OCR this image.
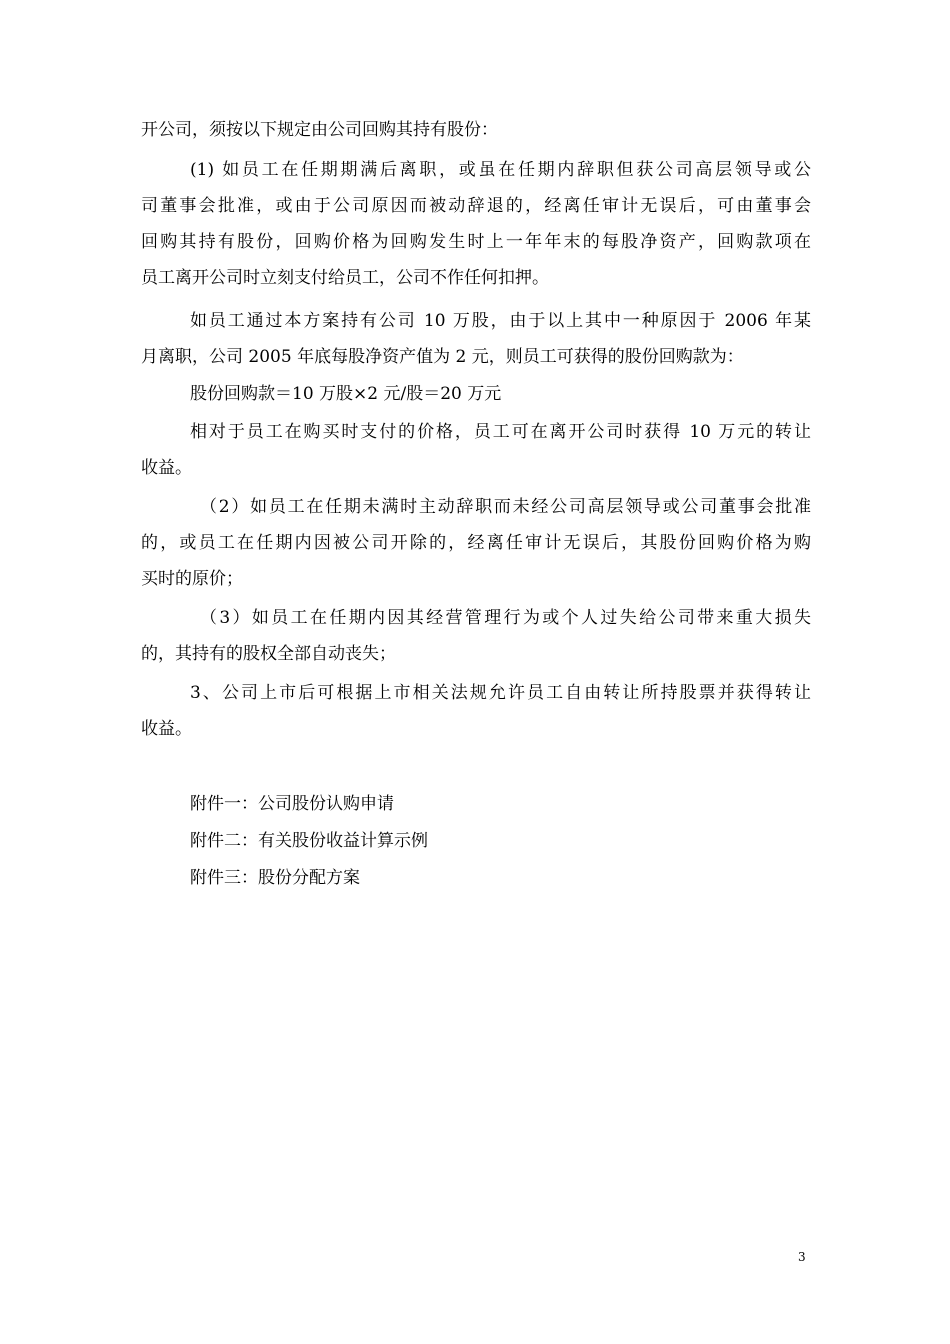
开公司，须按以下规定由公司回购其持有股份：
(1) 如员工在任期期满后离职，或虽在任期内辞职但获公司高层领导或公
司董事会批准，或由于公司原因而被动辞退的，经离任审计无误后，可由董事会
回购其持有股份，回购价格为回购发生时上一年年末的每股净资产，回购款项在
员工离开公司时立刻支付给员工，公司不作任何扣押。
如员工通过本方案持有公司 10 万股，由于以上其中一种原因于 2006 年某
月离职，公司 2005 年底每股净资产值为 2 元，则员工可获得的股份回购款为：
股份回购款＝10 万股×2 元/股＝20 万元
相对于员工在购买时支付的价格，员工可在离开公司时获得 10 万元的转让
收益。
（2）如员工在任期未满时主动辞职而未经公司高层领导或公司董事会批准
的，或员工在任期内因被公司开除的，经离任审计无误后，其股份回购价格为购
买时的原价；
（3）如员工在任期内因其经营管理行为或个人过失给公司带来重大损失
的，其持有的股权全部自动丧失；
3、公司上市后可根据上市相关法规允许员工自由转让所持股票并获得转让
收益。
附件一：公司股份认购申请
附件二：有关股份收益计算示例
附件三：股份分配方案
3
